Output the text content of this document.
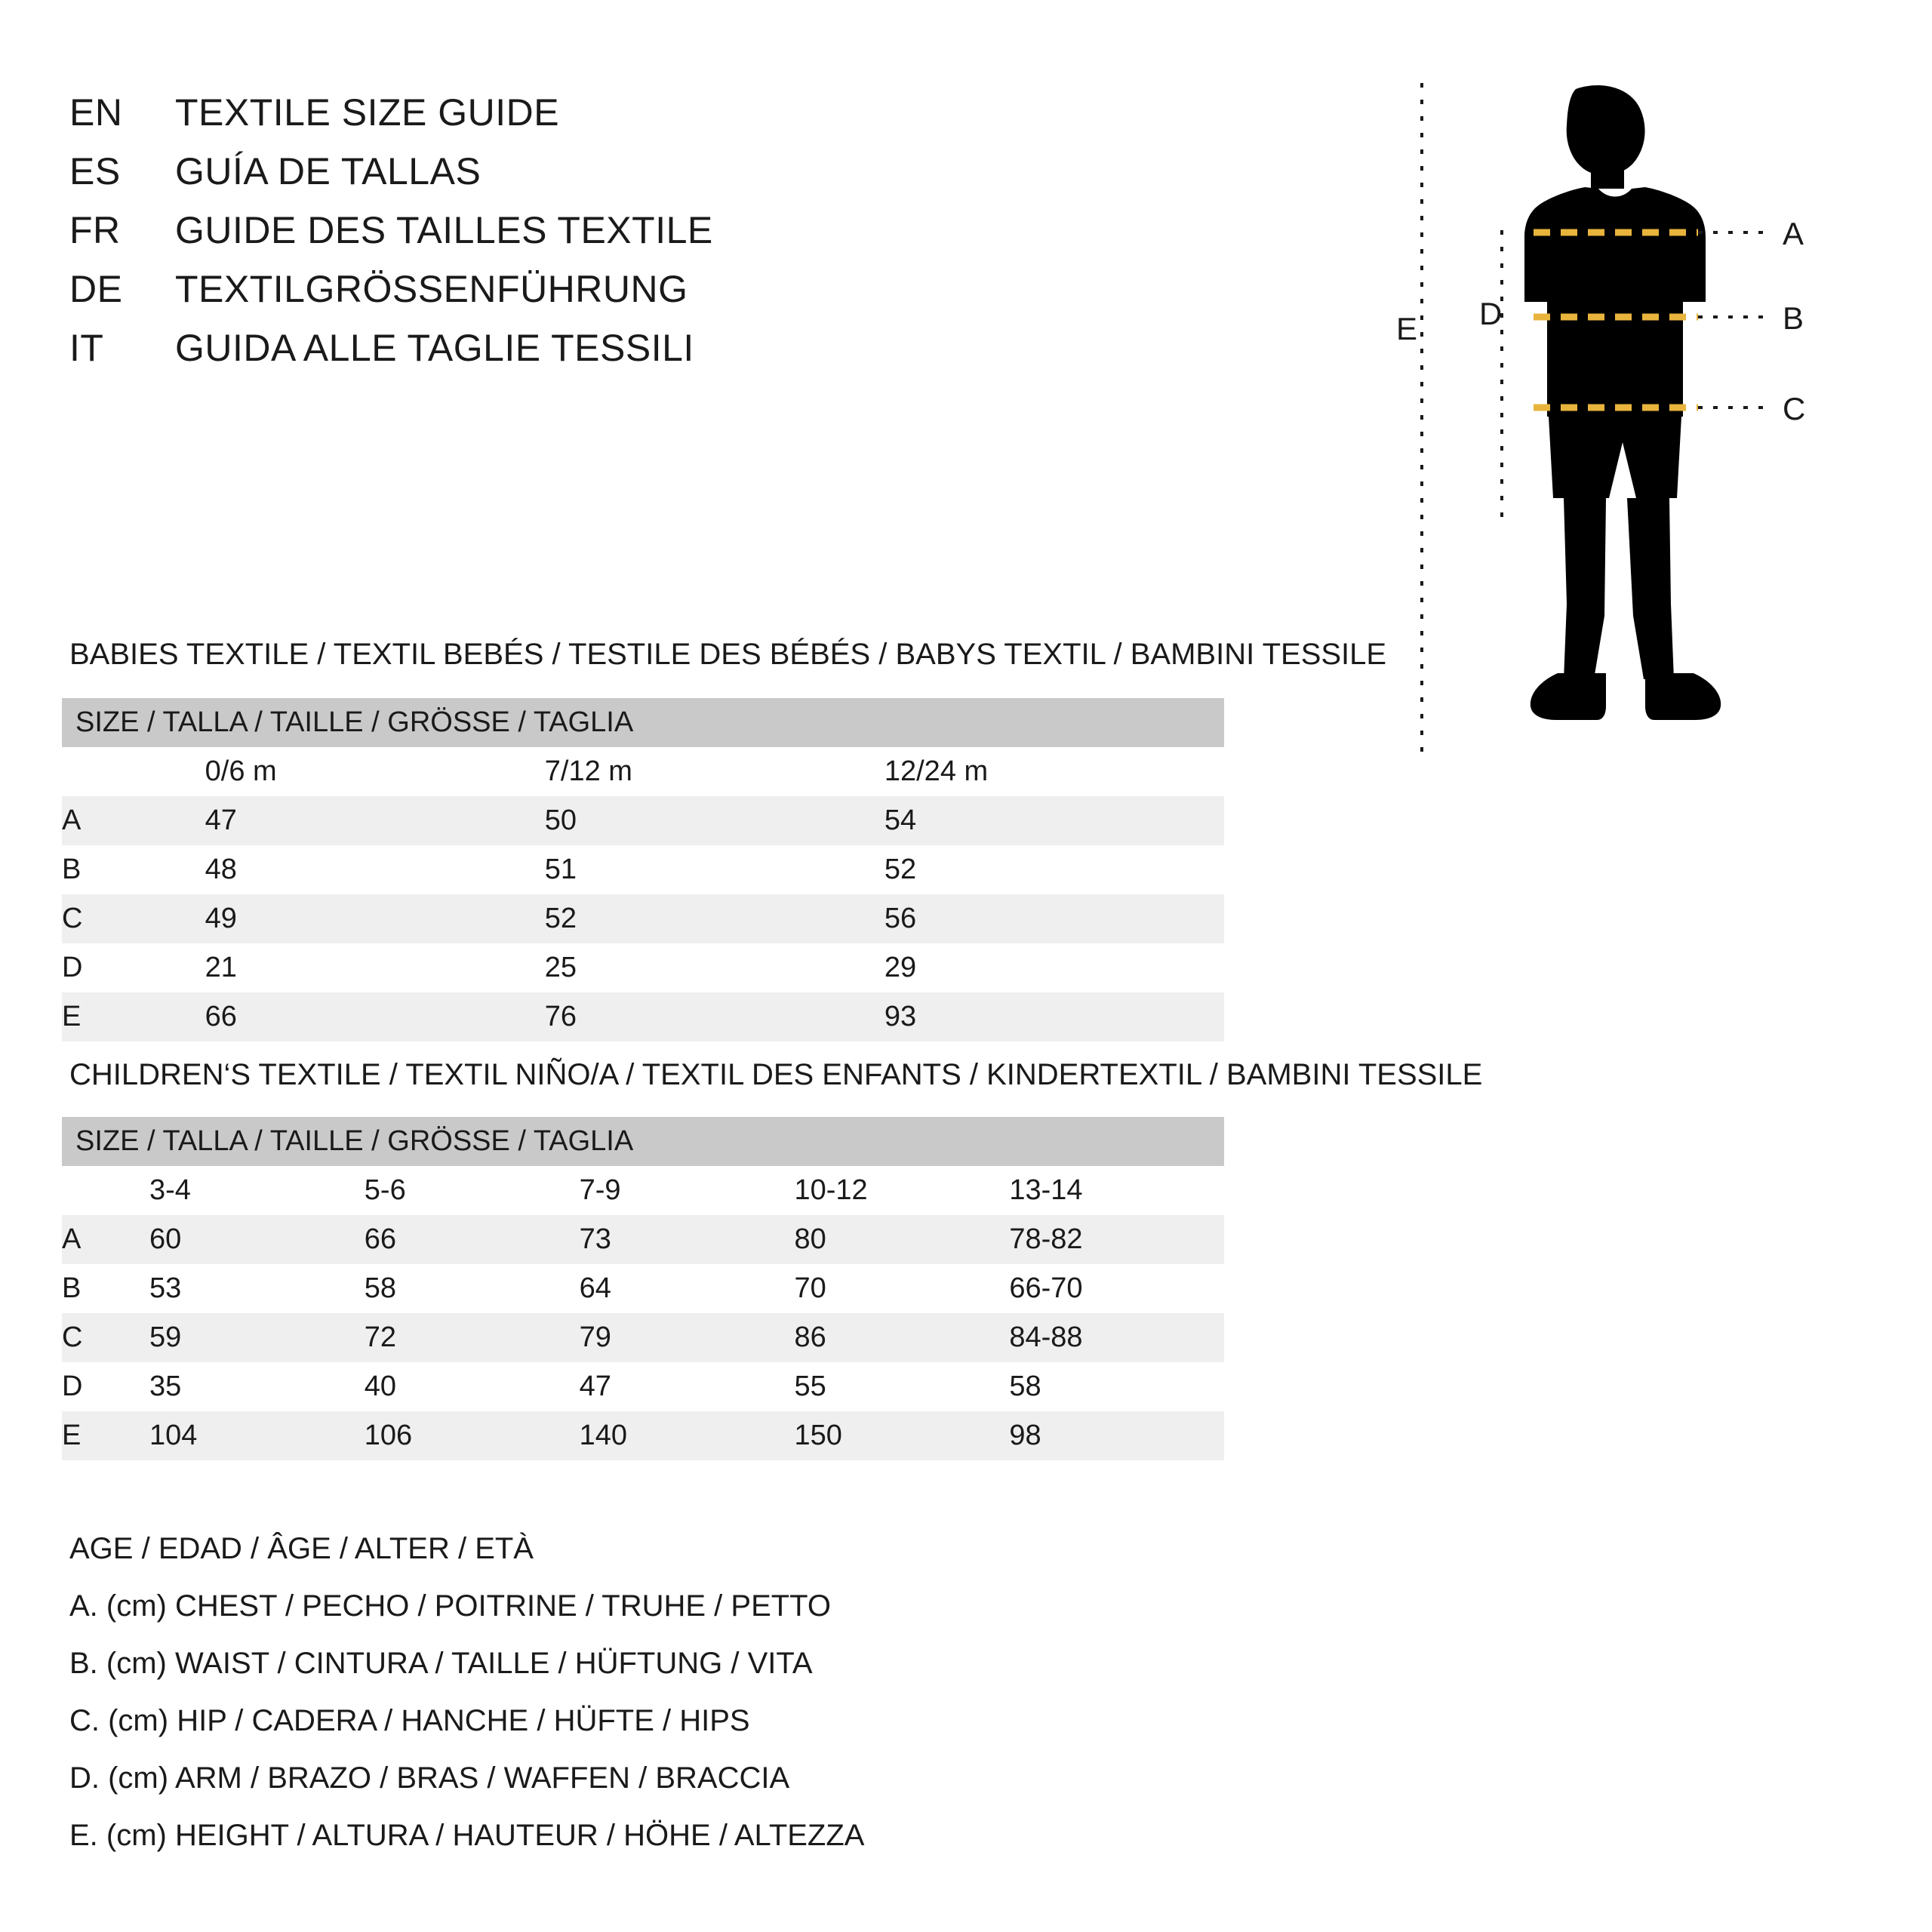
EN	TEXTILE SIZE GUIDE
ES	GUÍA DE TALLAS
FR	GUIDE DES TAILLES TEXTILE
DE	TEXTILGRÖSSENFÜHRUNG
IT	GUIDA ALLE TAGLIE TESSILI
A
B
C
D
E
BABIES TEXTILE / TEXTIL BEBÉS / TESTILE DES BÉBÉS / BABYS TEXTIL / BAMBINI TESSILE
SIZE / TALLA / TAILLE / GRÖSSE / TAGLIA			
	0/6 m	7/12 m	12/24 m
A	47	50	54
B	48	51	52
C	49	52	56
D	21	25	29
E	66	76	93
CHILDREN‘S TEXTILE / TEXTIL NIÑO/A / TEXTIL DES ENFANTS / KINDERTEXTIL / BAMBINI TESSILE
SIZE / TALLA / TAILLE / GRÖSSE / TAGLIA					
	3-4	5-6	7-9	10-12	13-14
A	60	66	73	80	78-82
B	53	58	64	70	66-70
C	59	72	79	86	84-88
D	35	40	47	55	58
E	104	106	140	150	98
AGE / EDAD / ÂGE / ALTER / ETÀ
A. (cm) CHEST / PECHO / POITRINE / TRUHE / PETTO
B. (cm) WAIST / CINTURA / TAILLE / HÜFTUNG / VITA
C. (cm) HIP / CADERA / HANCHE / HÜFTE / HIPS
D. (cm) ARM / BRAZO / BRAS / WAFFEN / BRACCIA
E. (cm) HEIGHT / ALTURA / HAUTEUR / HÖHE / ALTEZZA
